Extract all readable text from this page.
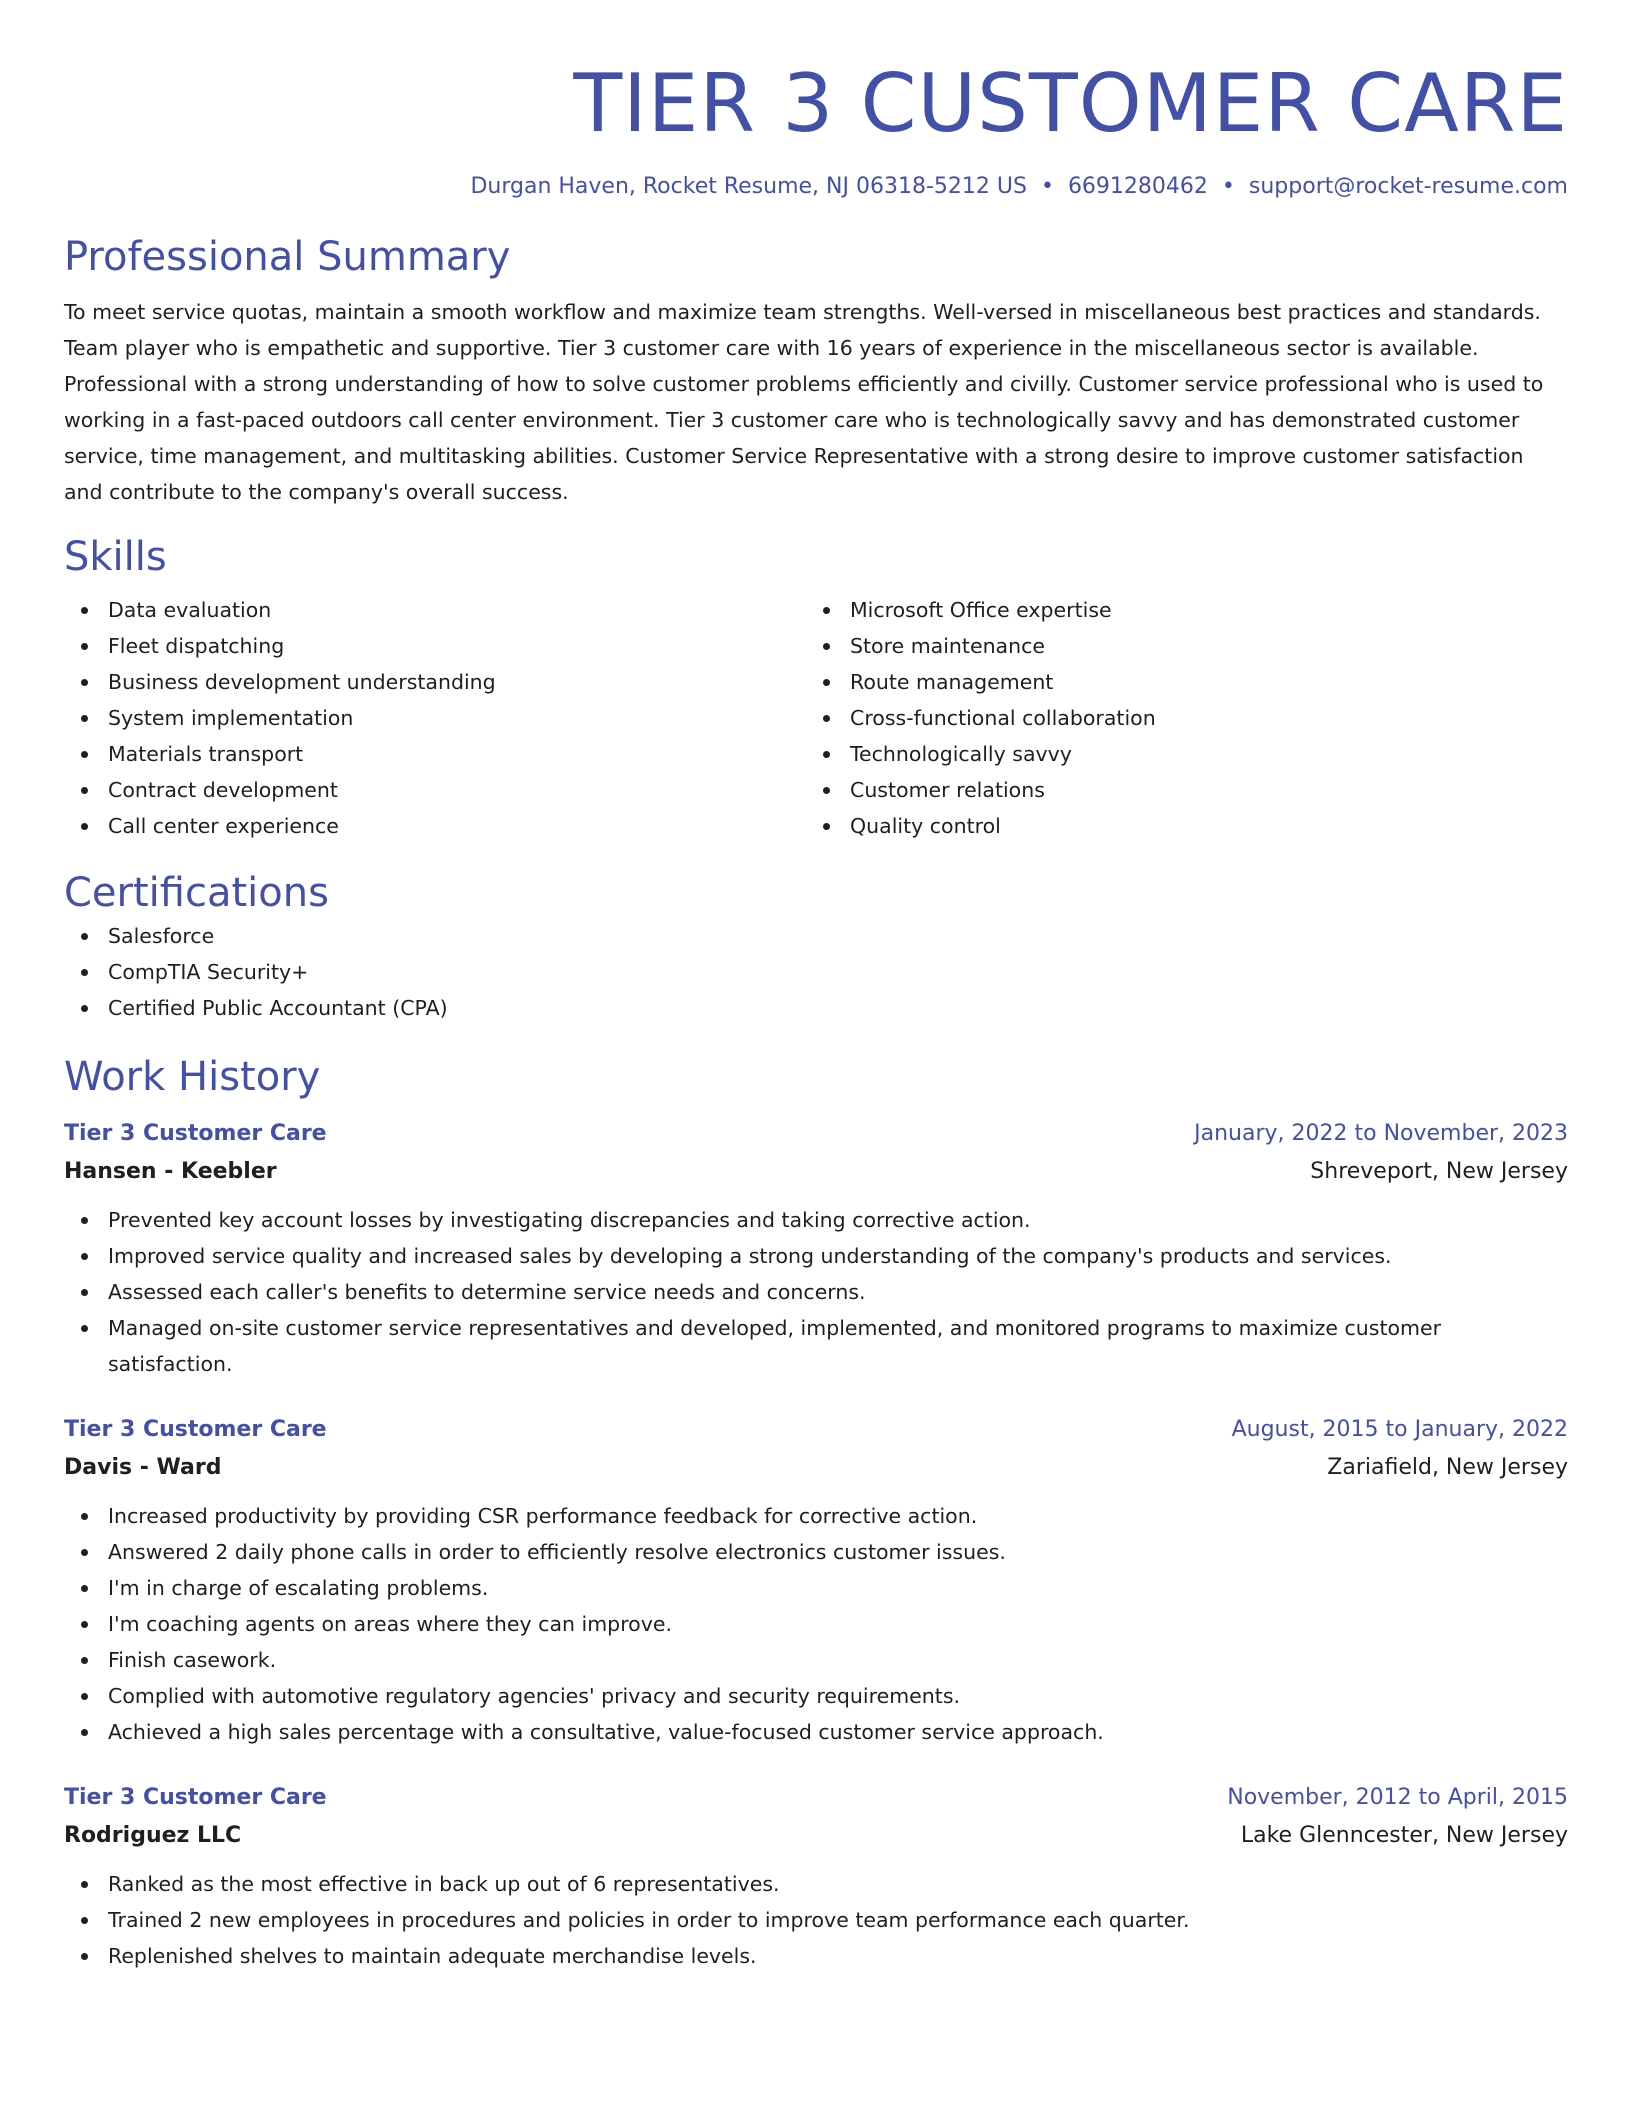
TIER 3 CUSTOMER CARE
Durgan Haven, Rocket Resume, NJ 06318-5212 US • 6691280462 • support@rocket-resume.com
Professional Summary
To meet service quotas, maintain a smooth workflow and maximize team strengths. Well-versed in miscellaneous best practices and standards. Team player who is empathetic and supportive. Tier 3 customer care with 16 years of experience in the miscellaneous sector is available. Professional with a strong understanding of how to solve customer problems efficiently and civilly. Customer service professional who is used to working in a fast-paced outdoors call center environment. Tier 3 customer care who is technologically savvy and has demonstrated customer service, time management, and multitasking abilities. Customer Service Representative with a strong desire to improve customer satisfaction and contribute to the company's overall success.
Skills
Data evaluation
Fleet dispatching
Business development understanding
System implementation
Materials transport
Contract development
Call center experience
Microsoft Office expertise
Store maintenance
Route management
Cross-functional collaboration
Technologically savvy
Customer relations
Quality control
Certifications
Salesforce
CompTIA Security+
Certified Public Accountant (CPA)
Work History
Tier 3 Customer Care	January, 2022 to November, 2023
Hansen - Keebler	Shreveport, New Jersey
Prevented key account losses by investigating discrepancies and taking corrective action.
Improved service quality and increased sales by developing a strong understanding of the company's products and services.
Assessed each caller's benefits to determine service needs and concerns.
Managed on-site customer service representatives and developed, implemented, and monitored programs to maximize customer satisfaction.
Tier 3 Customer Care	August, 2015 to January, 2022
Davis - Ward	Zariafield, New Jersey
Increased productivity by providing CSR performance feedback for corrective action.
Answered 2 daily phone calls in order to efficiently resolve electronics customer issues.
I'm in charge of escalating problems.
I'm coaching agents on areas where they can improve.
Finish casework.
Complied with automotive regulatory agencies' privacy and security requirements.
Achieved a high sales percentage with a consultative, value-focused customer service approach.
Tier 3 Customer Care	November, 2012 to April, 2015
Rodriguez LLC	Lake Glenncester, New Jersey
Ranked as the most effective in back up out of 6 representatives.
Trained 2 new employees in procedures and policies in order to improve team performance each quarter.
Replenished shelves to maintain adequate merchandise levels.
